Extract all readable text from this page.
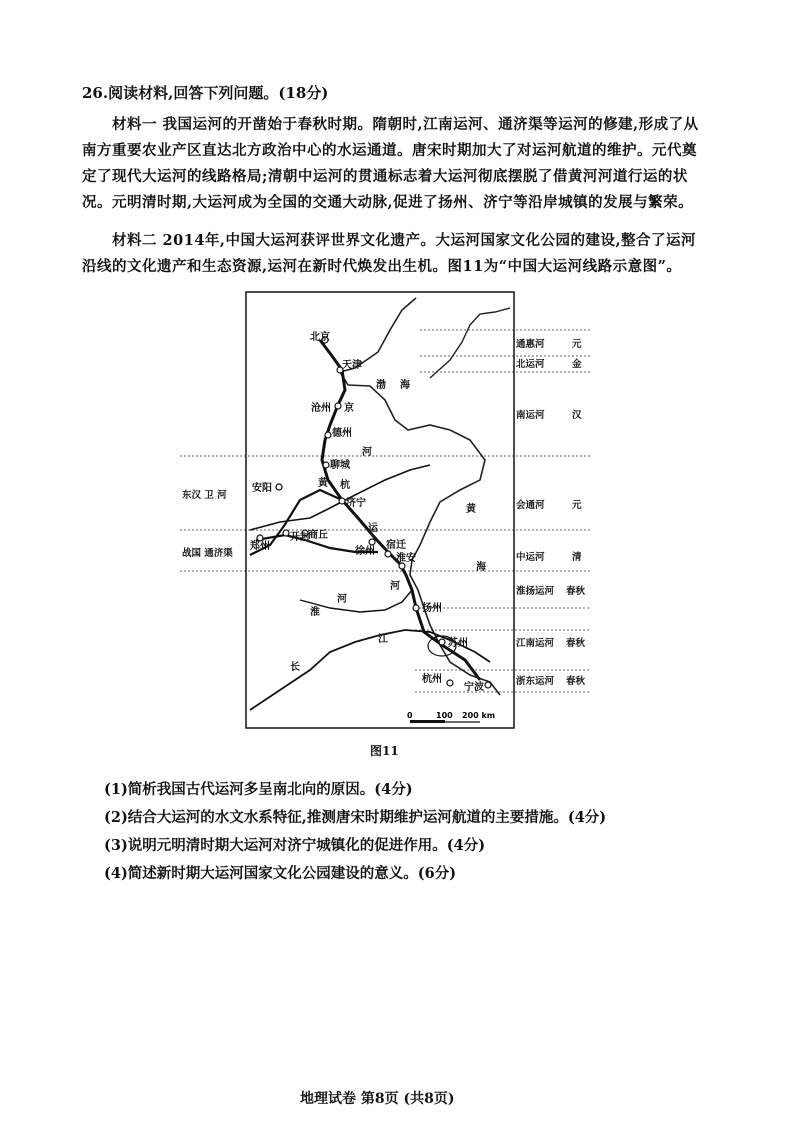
26.阅读材料,回答下列问题。(18分)
材料一 我国运河的开凿始于春秋时期。隋朝时,江南运河、通济渠等运河的修建,形成了从南方重要农业产区直达北方政治中心的水运通道。唐宋时期加大了对运河航道的维护。元代奠定了现代大运河的线路格局;清朝中运河的贯通标志着大运河彻底摆脱了借黄河河道行运的状况。元明清时期,大运河成为全国的交通大动脉,促进了扬州、济宁等沿岸城镇的发展与繁荣。
材料二 2014年,中国大运河获评世界文化遗产。大运河国家文化公园的建设,整合了运河沿线的文化遗产和生态资源,运河在新时代焕发出生机。图11为“中国大运河线路示意图”。
北京
天津
沧州
德州
聊城
安阳
济宁
开封
郑州
商丘
徐州
宿迁
淮安
扬州
苏州
杭州
宁波
渤 海
黄
海
黄
河
淮
河
长
江
京
杭
运
河
通惠河	元
北运河	金
南运河	汉
会通河	元
中运河	清
淮扬运河 春秋
江南运河 春秋
浙东运河 春秋
东汉 卫 河
战国 通济渠
0	100 200 km
图11
(1)简析我国古代运河多呈南北向的原因。(4分)
(2)结合大运河的水文水系特征,推测唐宋时期维护运河航道的主要措施。(4分)
(3)说明元明清时期大运河对济宁城镇化的促进作用。(4分)
(4)简述新时期大运河国家文化公园建设的意义。(6分)
地理试卷 第8页 (共8页)
